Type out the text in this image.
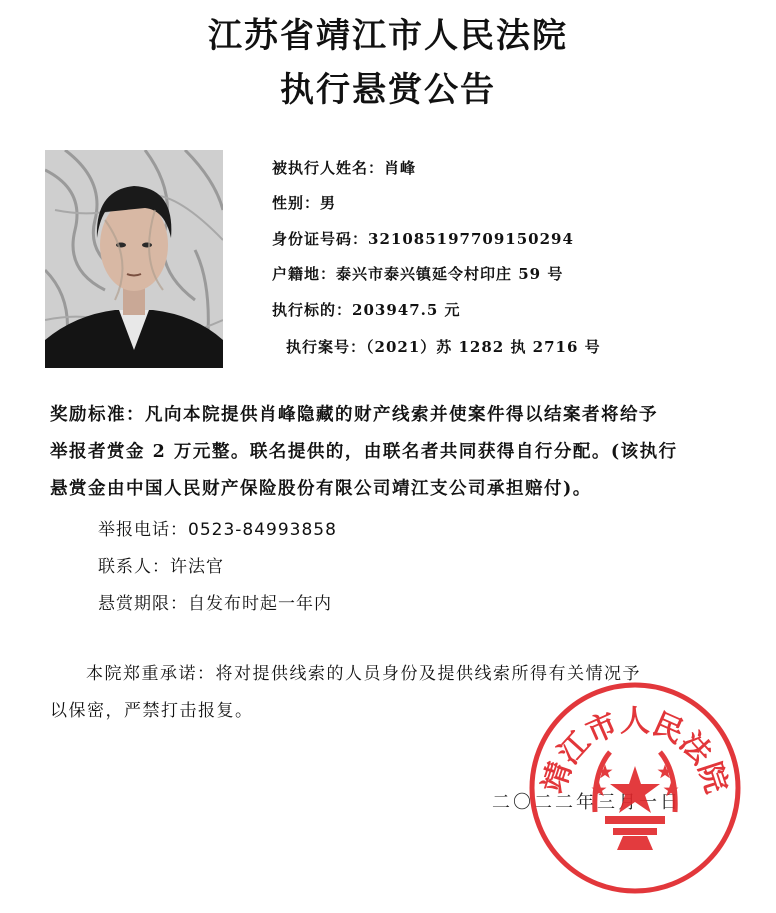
江苏省靖江市人民法院
执行悬赏公告
被执行人姓名：肖峰
性别：男
身份证号码：321085197709150294
户籍地：泰兴市泰兴镇延令村印庄 59 号
执行标的：203947.5 元
执行案号：（2021）苏 1282 执 2716 号
奖励标准：凡向本院提供肖峰隐藏的财产线索并使案件得以结案者将给予
举报者赏金 2 万元整。联名提供的，由联名者共同获得自行分配。(该执行
悬赏金由中国人民财产保险股份有限公司靖江支公司承担赔付)。
举报电话：0523-84993858
联系人：许法官
悬赏期限：自发布时起一年内
本院郑重承诺：将对提供线索的人员身份及提供线索所得有关情况予
以保密，严禁打击报复。
二〇二二年三月一日
靖江市人民法院
